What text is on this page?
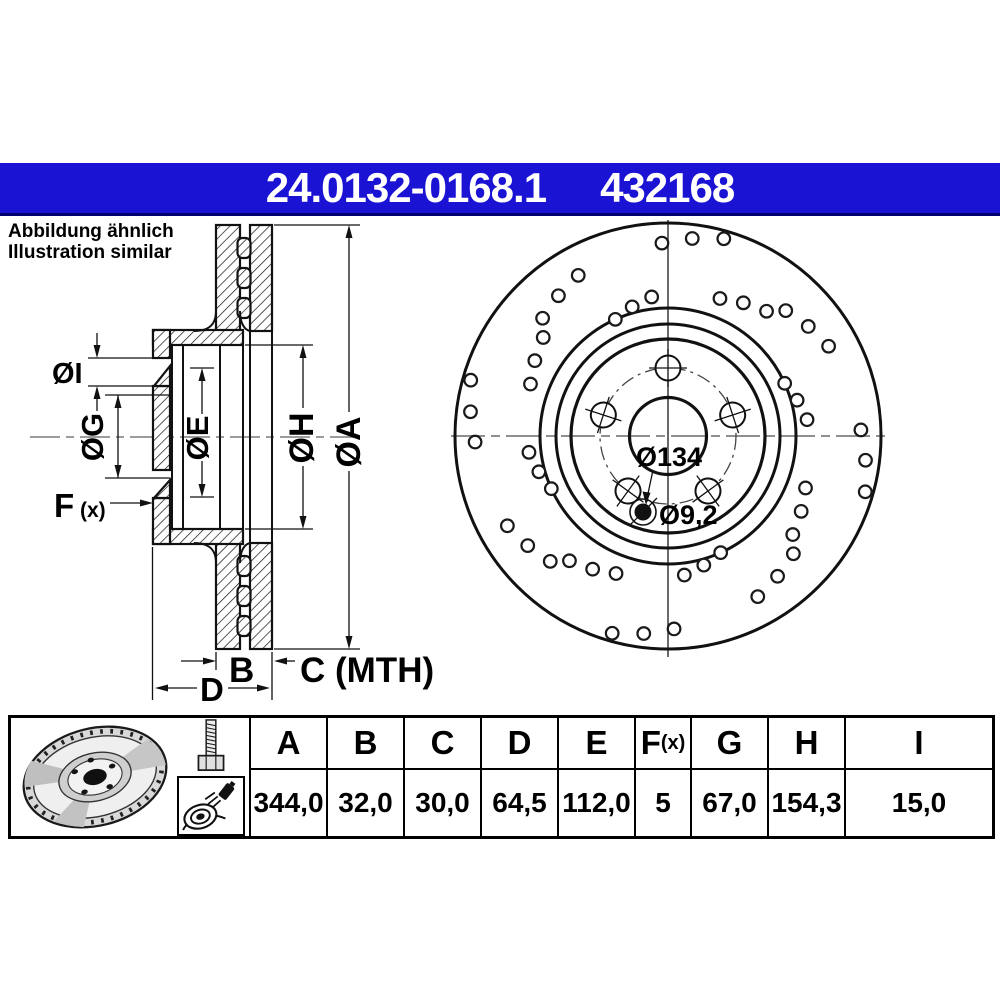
24.0132-0168.1 432168
Abbildung ähnlich
Illustration similar
ØI
ØG ØE
F (x)
ØH ØA
B C (MTH)
D
Ø134
Ø9,2
A B C D E F (x) G H	I
344,0 32,0 30,0 64,5 112,0 5	67,0 154,3	15,0
